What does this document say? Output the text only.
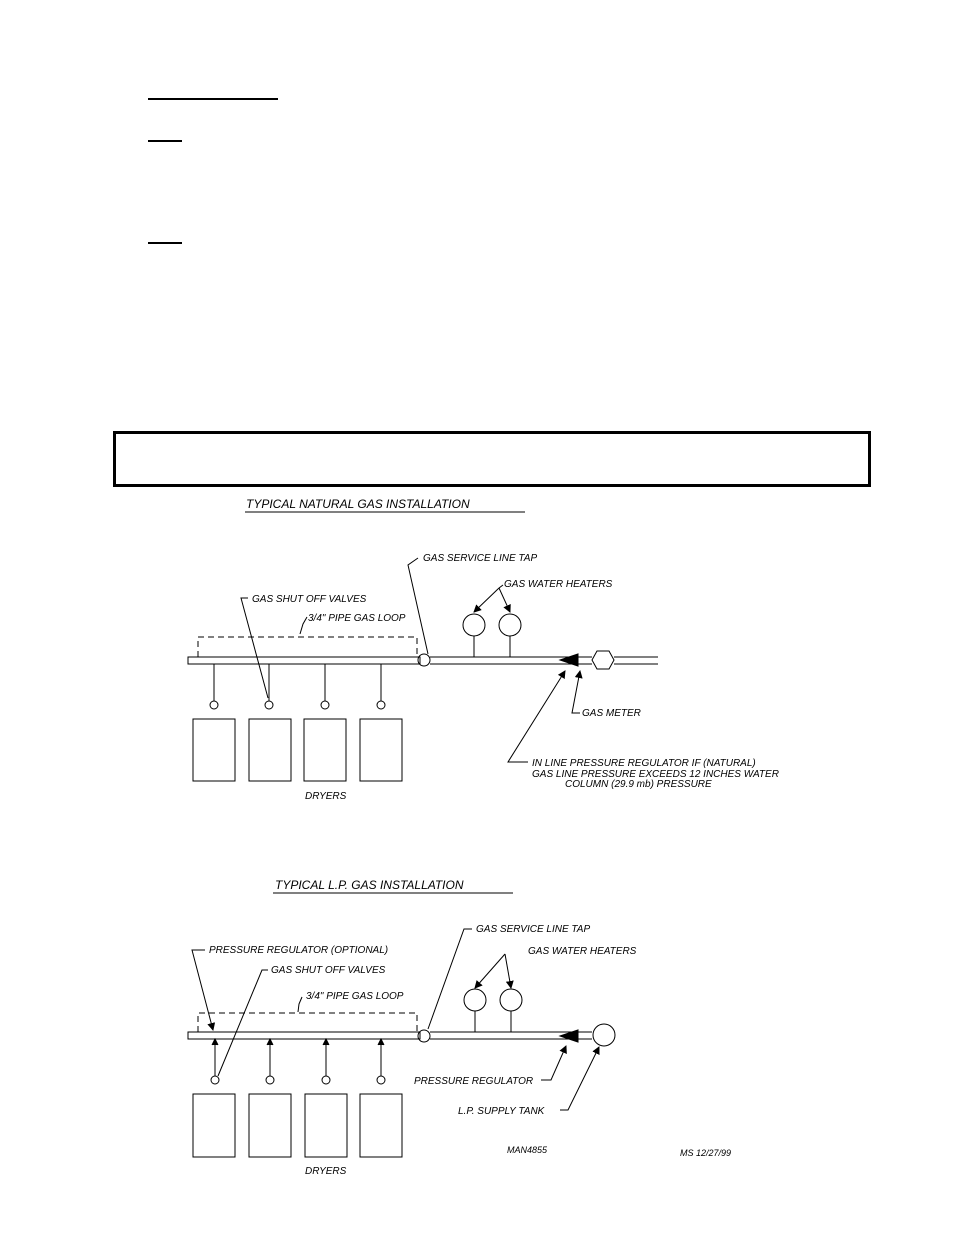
TYPICAL NATURAL GAS INSTALLATION
GAS SERVICE LINE TAP
GAS WATER HEATERS
GAS SHUT OFF VALVES
3/4" PIPE GAS LOOP
GAS METER
IN LINE PRESSURE REGULATOR IF (NATURAL)
GAS LINE PRESSURE EXCEEDS 12 INCHES WATER
COLUMN (29.9 mb) PRESSURE
DRYERS
TYPICAL L.P. GAS INSTALLATION
GAS SERVICE LINE TAP
PRESSURE REGULATOR (OPTIONAL)	GAS WATER HEATERS
GAS SHUT OFF VALVES
3/4" PIPE GAS LOOP
PRESSURE REGULATOR
L.P. SUPPLY TANK
MAN4855	MS 12/27/99
DRYERS
